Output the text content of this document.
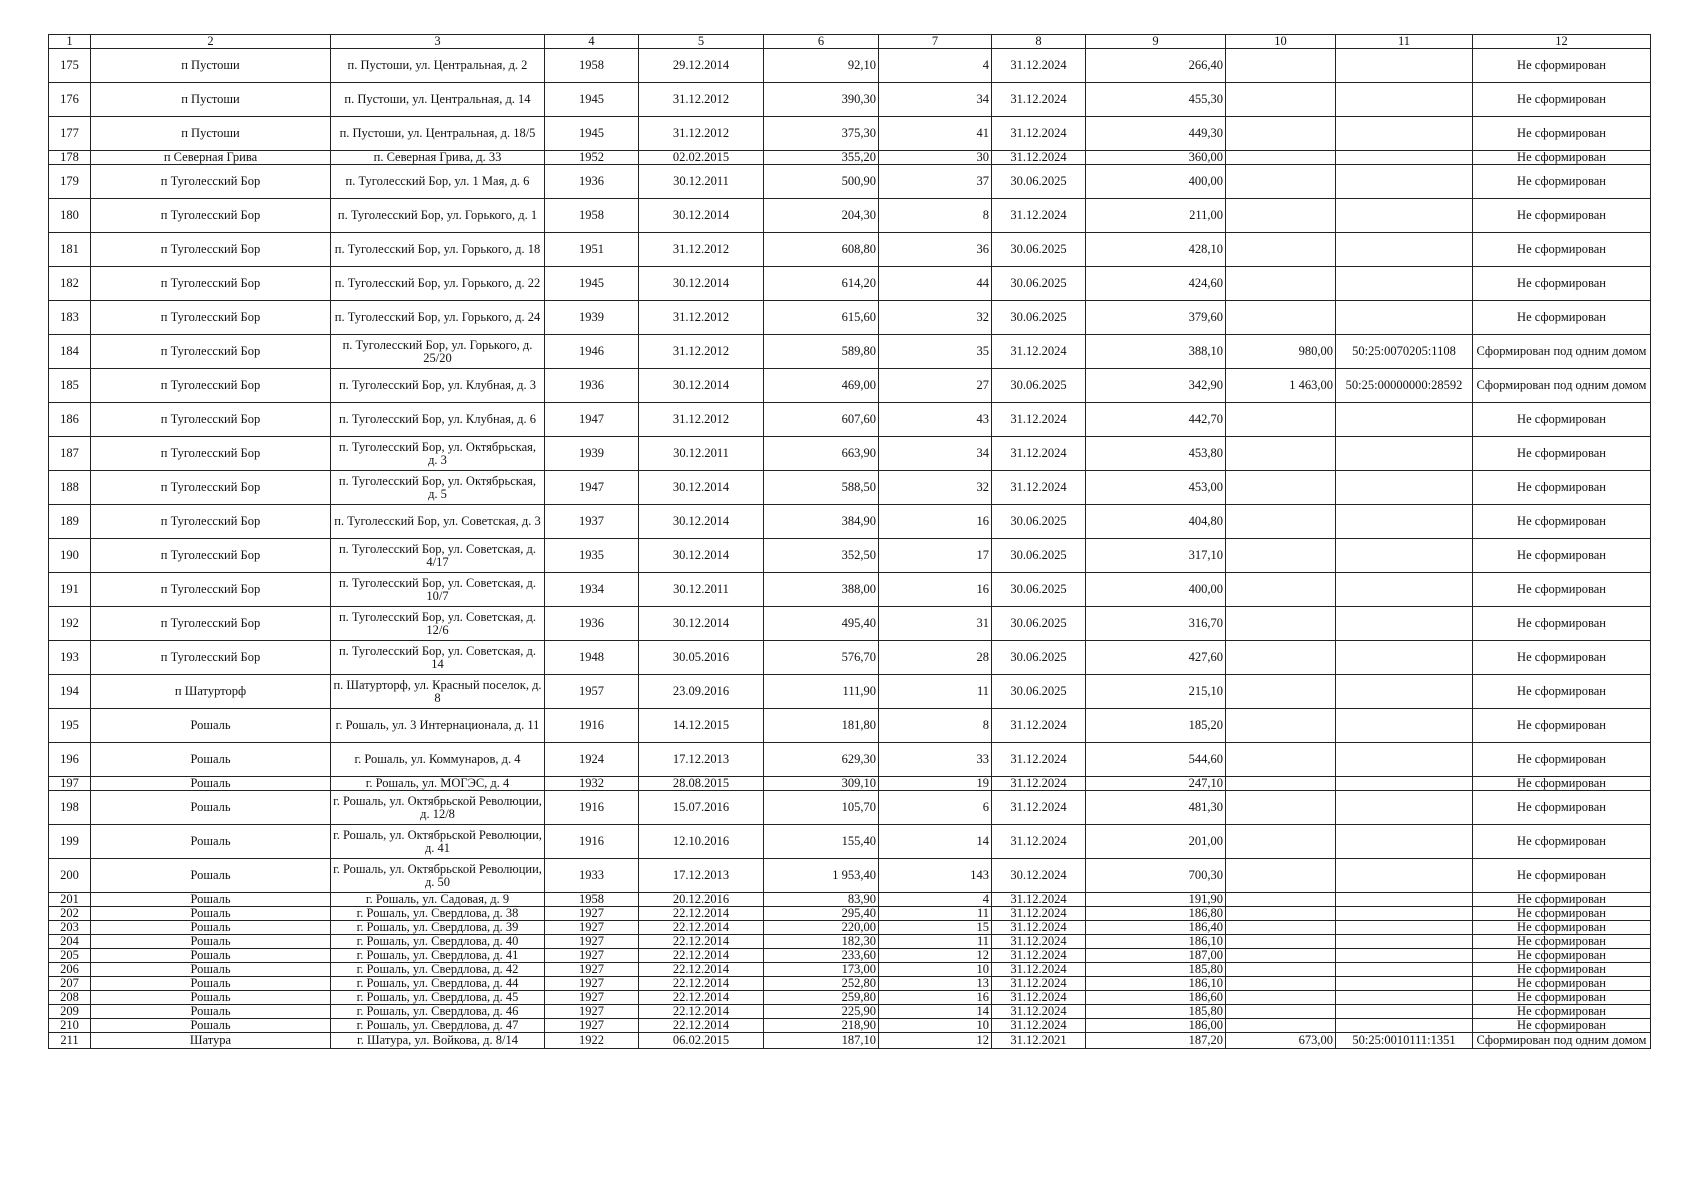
1	2	3	4	5	6	7	8	9	10	11	12
175	п Пустоши	п. Пустоши, ул. Центральная, д. 2	1958	29.12.2014	92,10	4	31.12.2024	266,40			Не сформирован
176	п Пустоши	п. Пустоши, ул. Центральная, д. 14	1945	31.12.2012	390,30	34	31.12.2024	455,30			Не сформирован
177	п Пустоши	п. Пустоши, ул. Центральная, д. 18/5	1945	31.12.2012	375,30	41	31.12.2024	449,30			Не сформирован
178	п Северная Грива	п. Северная Грива, д. 33	1952	02.02.2015	355,20	30	31.12.2024	360,00			Не сформирован
179	п Туголесский Бор	п. Туголесский Бор, ул. 1 Мая, д. 6	1936	30.12.2011	500,90	37	30.06.2025	400,00			Не сформирован
180	п Туголесский Бор	п. Туголесский Бор, ул. Горького, д. 1	1958	30.12.2014	204,30	8	31.12.2024	211,00			Не сформирован
181	п Туголесский Бор	п. Туголесский Бор, ул. Горького, д. 18	1951	31.12.2012	608,80	36	30.06.2025	428,10			Не сформирован
182	п Туголесский Бор	п. Туголесский Бор, ул. Горького, д. 22	1945	30.12.2014	614,20	44	30.06.2025	424,60			Не сформирован
183	п Туголесский Бор	п. Туголесский Бор, ул. Горького, д. 24	1939	31.12.2012	615,60	32	30.06.2025	379,60			Не сформирован
184	п Туголесский Бор	п. Туголесский Бор, ул. Горького, д. 25/20	1946	31.12.2012	589,80	35	31.12.2024	388,10	980,00	50:25:0070205:1108	Сформирован под одним домом
185	п Туголесский Бор	п. Туголесский Бор, ул. Клубная, д. 3	1936	30.12.2014	469,00	27	30.06.2025	342,90	1 463,00	50:25:00000000:28592	Сформирован под одним домом
186	п Туголесский Бор	п. Туголесский Бор, ул. Клубная, д. 6	1947	31.12.2012	607,60	43	31.12.2024	442,70			Не сформирован
187	п Туголесский Бор	п. Туголесский Бор, ул. Октябрьская, д. 3	1939	30.12.2011	663,90	34	31.12.2024	453,80			Не сформирован
188	п Туголесский Бор	п. Туголесский Бор, ул. Октябрьская, д. 5	1947	30.12.2014	588,50	32	31.12.2024	453,00			Не сформирован
189	п Туголесский Бор	п. Туголесский Бор, ул. Советская, д. 3	1937	30.12.2014	384,90	16	30.06.2025	404,80			Не сформирован
190	п Туголесский Бор	п. Туголесский Бор, ул. Советская, д. 4/17	1935	30.12.2014	352,50	17	30.06.2025	317,10			Не сформирован
191	п Туголесский Бор	п. Туголесский Бор, ул. Советская, д. 10/7	1934	30.12.2011	388,00	16	30.06.2025	400,00			Не сформирован
192	п Туголесский Бор	п. Туголесский Бор, ул. Советская, д. 12/6	1936	30.12.2014	495,40	31	30.06.2025	316,70			Не сформирован
193	п Туголесский Бор	п. Туголесский Бор, ул. Советская, д. 14	1948	30.05.2016	576,70	28	30.06.2025	427,60			Не сформирован
194	п Шатурторф	п. Шатурторф, ул. Красный поселок, д. 8	1957	23.09.2016	111,90	11	30.06.2025	215,10			Не сформирован
195	Рошаль	г. Рошаль, ул. 3 Интернационала, д. 11	1916	14.12.2015	181,80	8	31.12.2024	185,20			Не сформирован
196	Рошаль	г. Рошаль, ул. Коммунаров, д. 4	1924	17.12.2013	629,30	33	31.12.2024	544,60			Не сформирован
197	Рошаль	г. Рошаль, ул. МОГЭС, д. 4	1932	28.08.2015	309,10	19	31.12.2024	247,10			Не сформирован
198	Рошаль	г. Рошаль, ул. Октябрьской Революции, д. 12/8	1916	15.07.2016	105,70	6	31.12.2024	481,30			Не сформирован
199	Рошаль	г. Рошаль, ул. Октябрьской Революции, д. 41	1916	12.10.2016	155,40	14	31.12.2024	201,00			Не сформирован
200	Рошаль	г. Рошаль, ул. Октябрьской Революции, д. 50	1933	17.12.2013	1 953,40	143	30.12.2024	700,30			Не сформирован
201	Рошаль	г. Рошаль, ул. Садовая, д. 9	1958	20.12.2016	83,90	4	31.12.2024	191,90			Не сформирован
202	Рошаль	г. Рошаль, ул. Свердлова, д. 38	1927	22.12.2014	295,40	11	31.12.2024	186,80			Не сформирован
203	Рошаль	г. Рошаль, ул. Свердлова, д. 39	1927	22.12.2014	220,00	15	31.12.2024	186,40			Не сформирован
204	Рошаль	г. Рошаль, ул. Свердлова, д. 40	1927	22.12.2014	182,30	11	31.12.2024	186,10			Не сформирован
205	Рошаль	г. Рошаль, ул. Свердлова, д. 41	1927	22.12.2014	233,60	12	31.12.2024	187,00			Не сформирован
206	Рошаль	г. Рошаль, ул. Свердлова, д. 42	1927	22.12.2014	173,00	10	31.12.2024	185,80			Не сформирован
207	Рошаль	г. Рошаль, ул. Свердлова, д. 44	1927	22.12.2014	252,80	13	31.12.2024	186,10			Не сформирован
208	Рошаль	г. Рошаль, ул. Свердлова, д. 45	1927	22.12.2014	259,80	16	31.12.2024	186,60			Не сформирован
209	Рошаль	г. Рошаль, ул. Свердлова, д. 46	1927	22.12.2014	225,90	14	31.12.2024	185,80			Не сформирован
210	Рошаль	г. Рошаль, ул. Свердлова, д. 47	1927	22.12.2014	218,90	10	31.12.2024	186,00			Не сформирован
211	Шатура	г. Шатура, ул. Войкова, д. 8/14	1922	06.02.2015	187,10	12	31.12.2021	187,20	673,00	50:25:0010111:1351	Сформирован под одним домом
